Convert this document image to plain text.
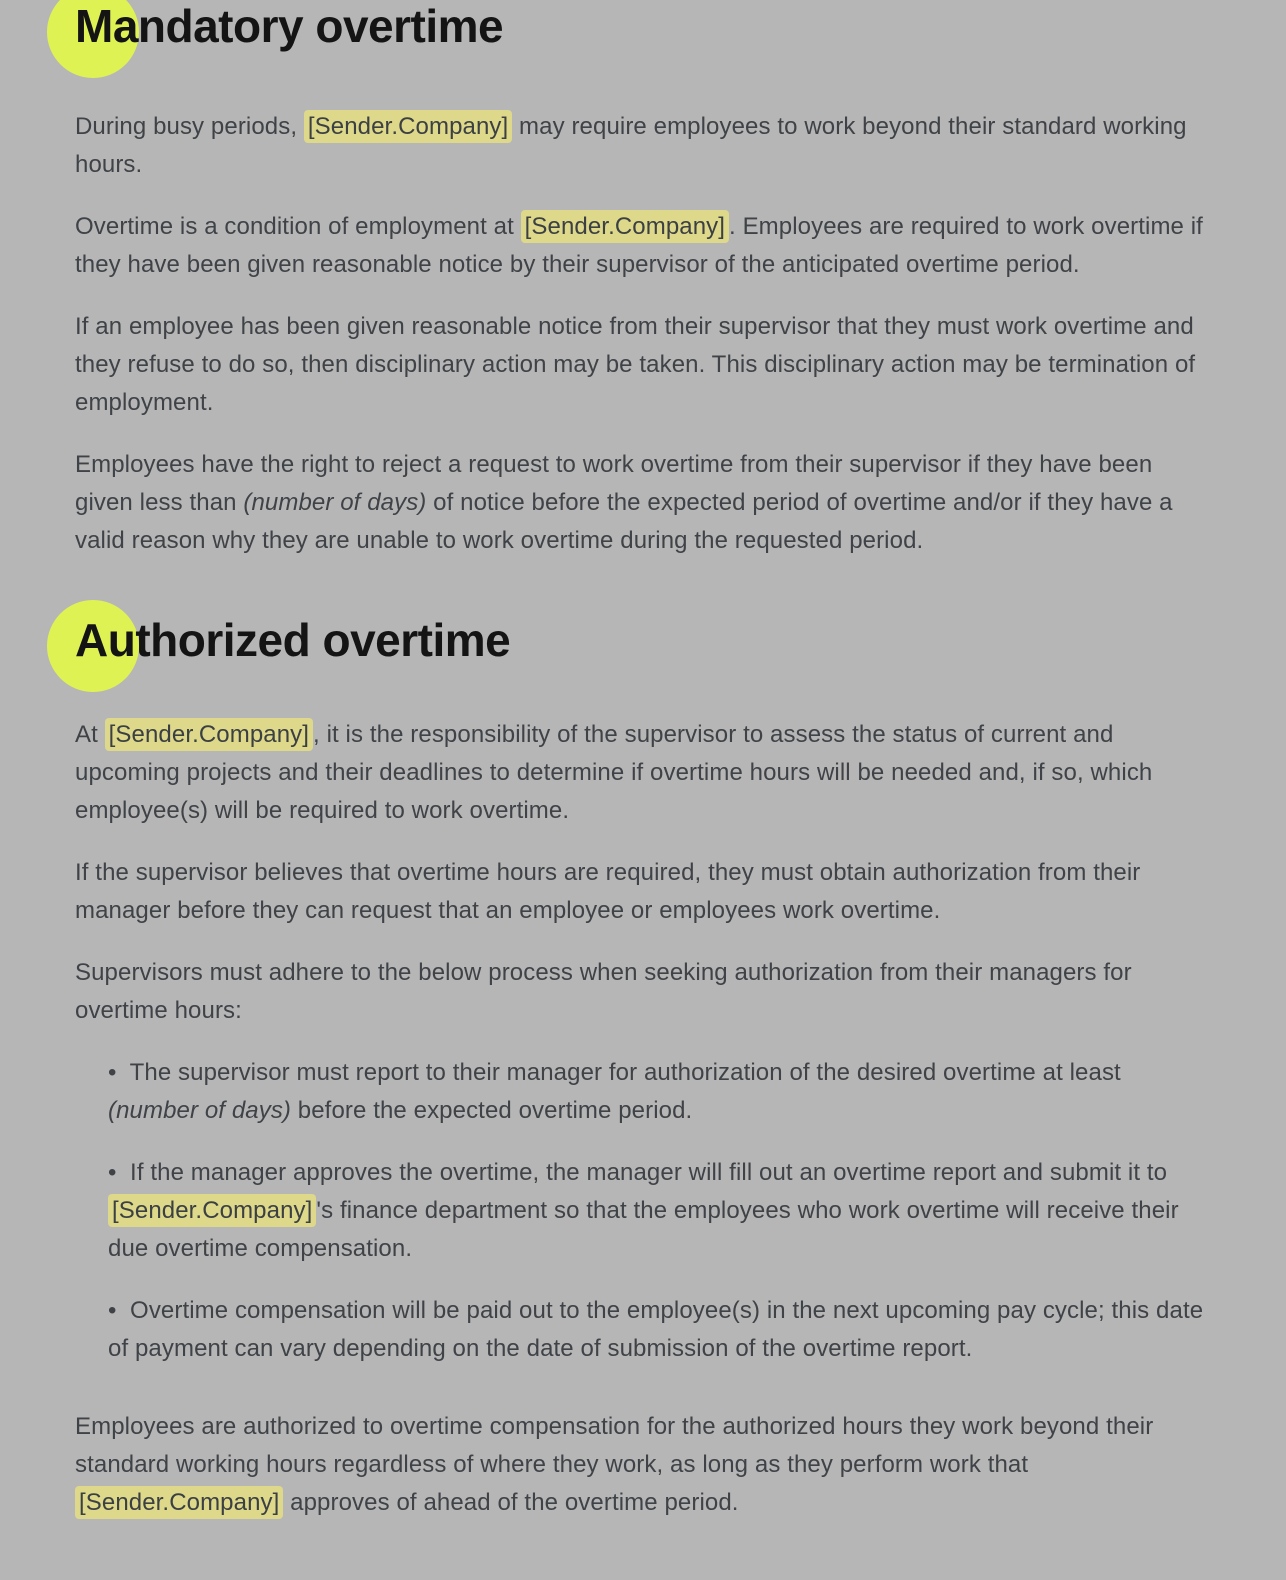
Mandatory overtime

During busy periods, [Sender.Company] may require employees to work beyond their standard working hours.

Overtime is a condition of employment at [Sender.Company] . Employees are required to work overtime if they have been given reasonable notice by their supervisor of the anticipated overtime period.

If an employee has been given reasonable notice from their supervisor that they must work overtime and they refuse to do so, then disciplinary action may be taken. This disciplinary action may be termination of employment.

Employees have the right to reject a request to work overtime from their supervisor if they have been given less than (number of days) of notice before the expected period of overtime and/or if they have a valid reason why they are unable to work overtime during the requested period.

Authorized overtime

At [Sender.Company] , it is the responsibility of the supervisor to assess the status of current and upcoming projects and their deadlines to determine if overtime hours will be needed and, if so, which employee(s) will be required to work overtime.

If the supervisor believes that overtime hours are required, they must obtain authorization from their manager before they can request that an employee or employees work overtime.

Supervisors must adhere to the below process when seeking authorization from their managers for overtime hours:

•  The supervisor must report to their manager for authorization of the desired overtime at least (number of days) before the expected overtime period.
•  If the manager approves the overtime, the manager will fill out an overtime report and submit it to [Sender.Company] 's finance department so that the employees who work overtime will receive their due overtime compensation.
•  Overtime compensation will be paid out to the employee(s) in the next upcoming pay cycle; this date of payment can vary depending on the date of submission of the overtime report.

Employees are authorized to overtime compensation for the authorized hours they work beyond their standard working hours regardless of where they work, as long as they perform work that [Sender.Company] approves of ahead of the overtime period.
